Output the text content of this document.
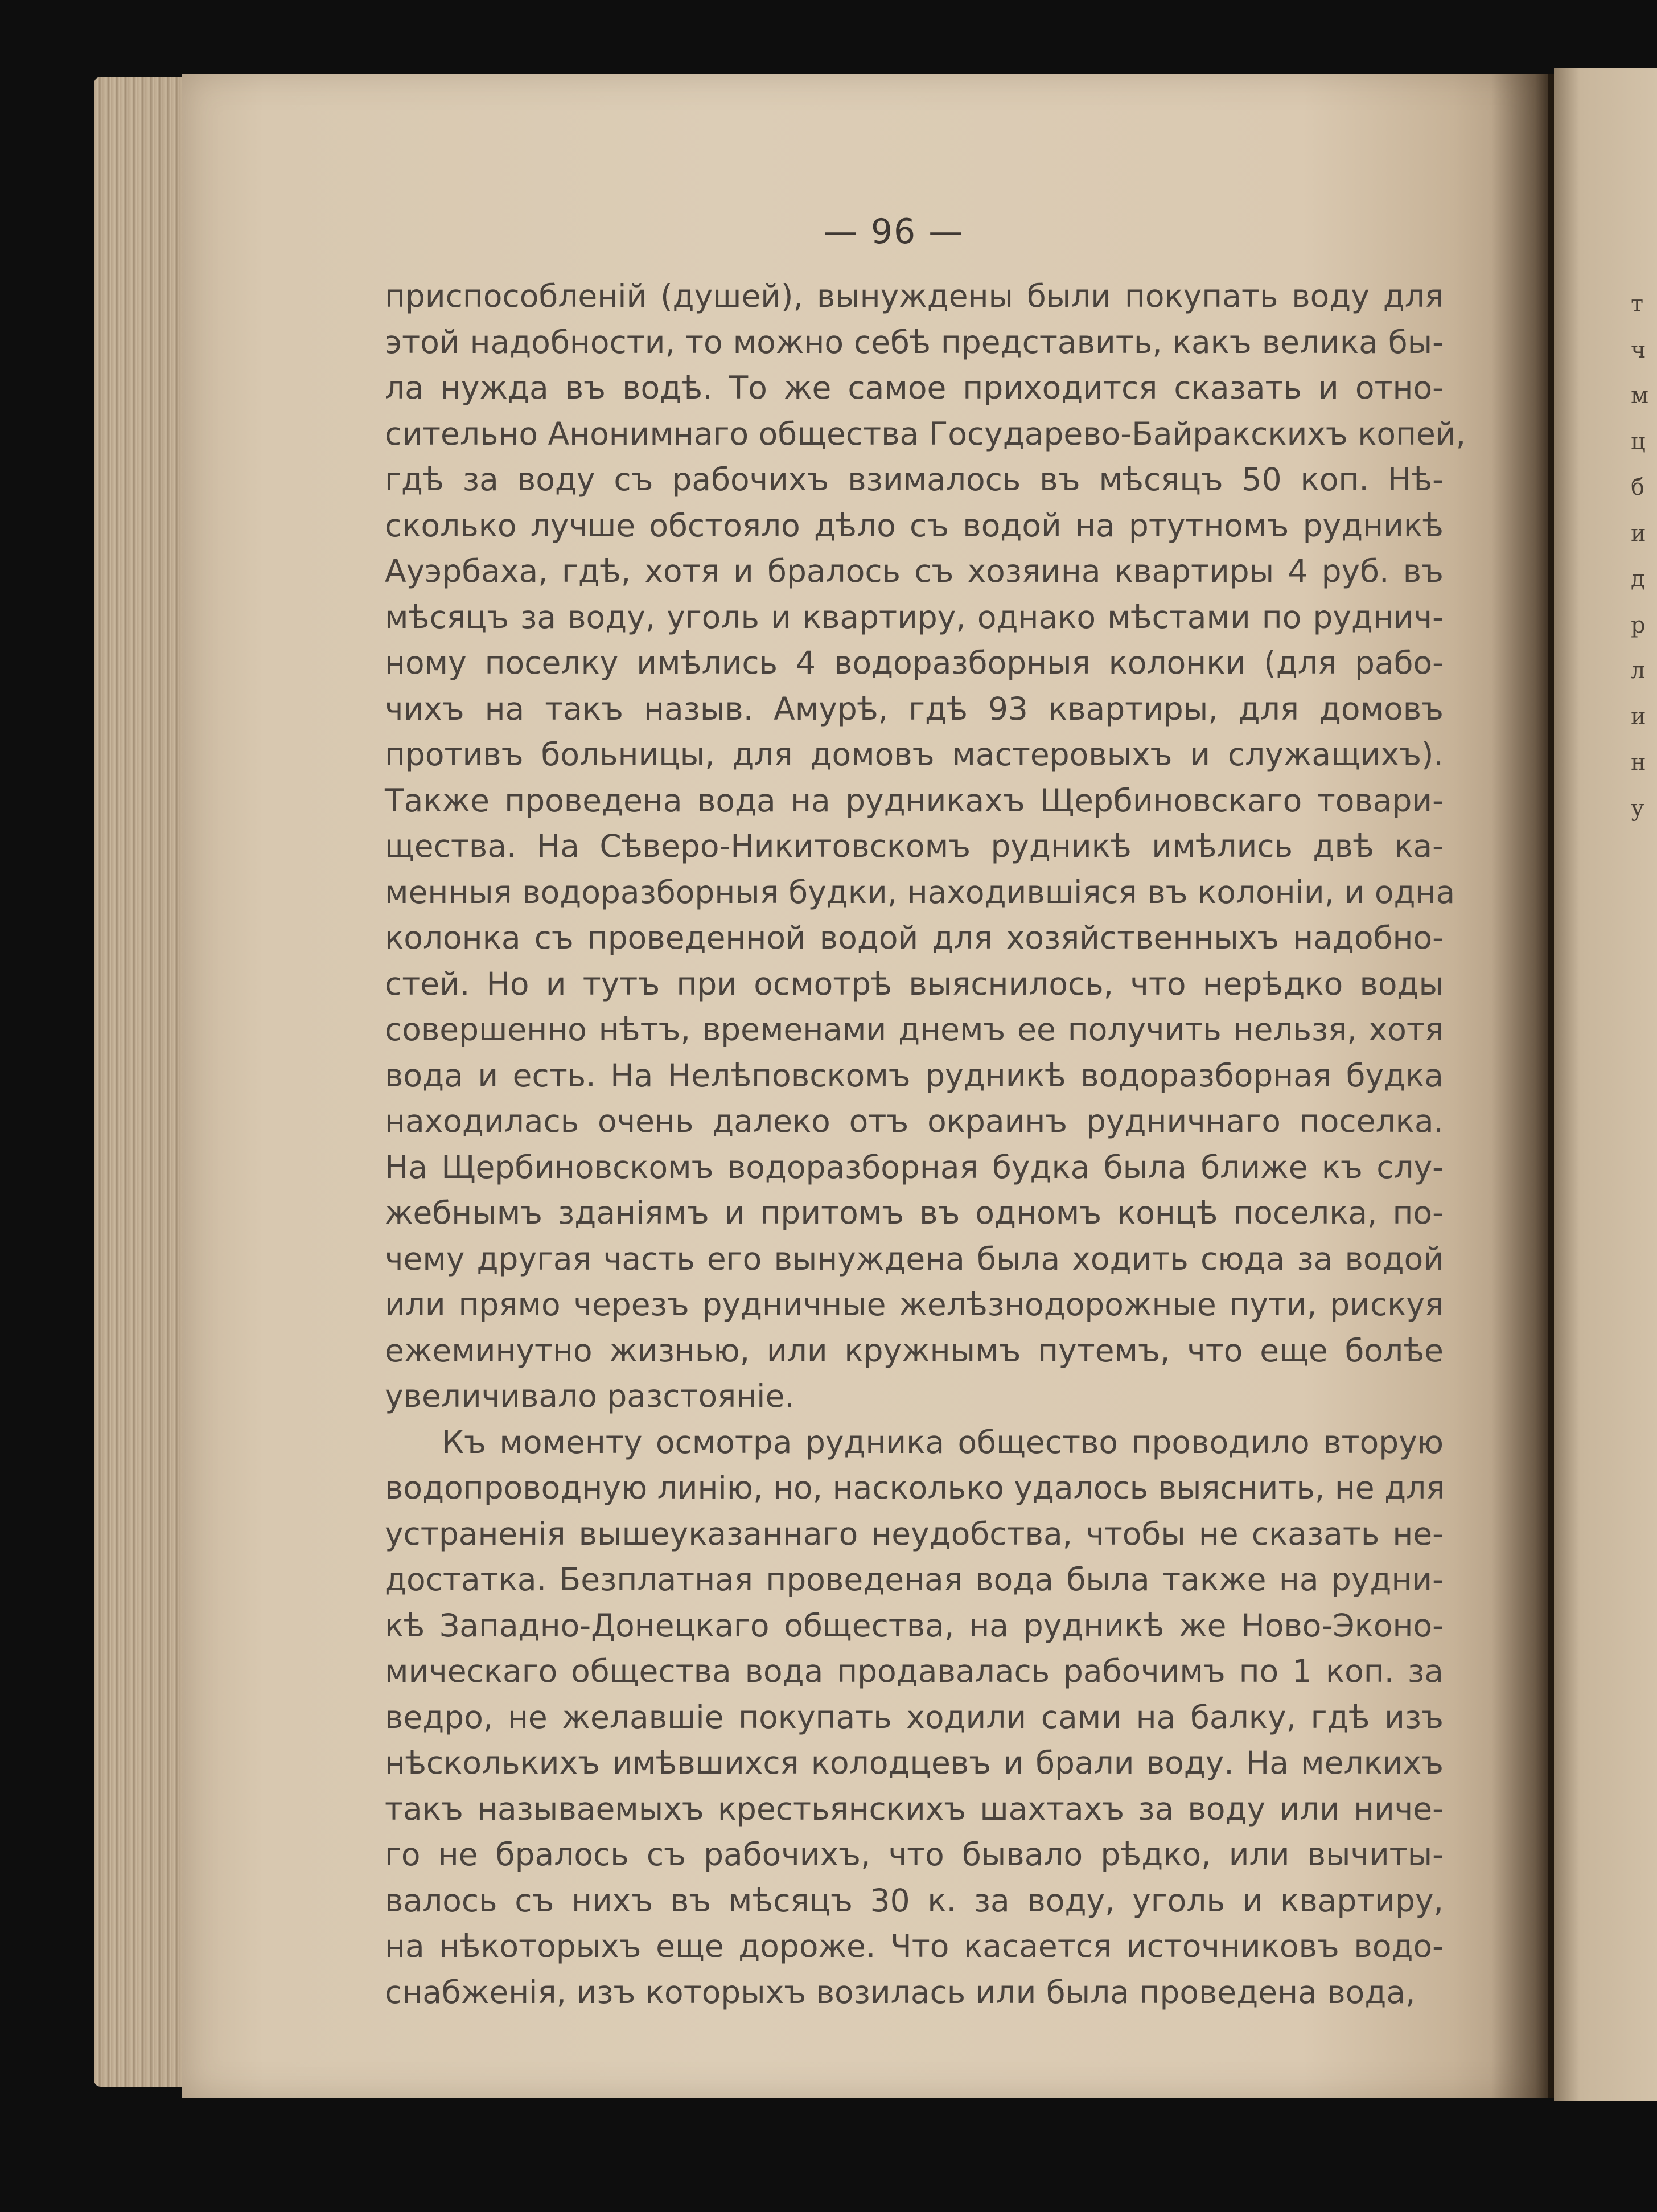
т
ч
м
ц
б
и
д
р
л
и
н
у
— 96 —
приспособленій (душей), вынуждены были покупать воду для
этой надобности, то можно себѣ представить, какъ велика бы-
ла нужда въ водѣ. То же самое приходится сказать и отно-
сительно Анонимнаго общества Государево-Байракскихъ копей,
гдѣ за воду съ рабочихъ взималось въ мѣсяцъ 50 коп. Нѣ-
сколько лучше обстояло дѣло съ водой на ртутномъ рудникѣ
Ауэрбаха, гдѣ, хотя и бралось съ хозяина квартиры 4 руб. въ
мѣсяцъ за воду, уголь и квартиру, однако мѣстами по руднич-
ному поселку имѣлись 4 водоразборныя колонки (для рабо-
чихъ на такъ назыв. Амурѣ, гдѣ 93 квартиры, для домовъ
противъ больницы, для домовъ мастеровыхъ и служащихъ).
Также проведена вода на рудникахъ Щербиновскаго товари-
щества. На Сѣверо-Никитовскомъ рудникѣ имѣлись двѣ ка-
менныя водоразборныя будки, находившіяся въ колоніи, и одна
колонка съ проведенной водой для хозяйственныхъ надобно-
стей. Но и тутъ при осмотрѣ выяснилось, что нерѣдко воды
совершенно нѣтъ, временами днемъ ее получить нельзя, хотя
вода и есть. На Нелѣповскомъ рудникѣ водоразборная будка
находилась очень далеко отъ окраинъ рудничнаго поселка.
На Щербиновскомъ водоразборная будка была ближе къ слу-
жебнымъ зданіямъ и притомъ въ одномъ концѣ поселка, по-
чему другая часть его вынуждена была ходить сюда за водой
или прямо черезъ рудничные желѣзнодорожные пути, рискуя
ежеминутно жизнью, или кружнымъ путемъ, что еще болѣе
увеличивало разстояніе.
Къ моменту осмотра рудника общество проводило вторую
водопроводную линію, но, насколько удалось выяснить, не для
устраненія вышеуказаннаго неудобства, чтобы не сказать не-
достатка. Безплатная проведеная вода была также на рудни-
кѣ Западно-Донецкаго общества, на рудникѣ же Ново-Эконо-
мическаго общества вода продавалась рабочимъ по 1 коп. за
ведро, не желавшіе покупать ходили сами на балку, гдѣ изъ
нѣсколькихъ имѣвшихся колодцевъ и брали воду. На мелкихъ
такъ называемыхъ крестьянскихъ шахтахъ за воду или ниче-
го не бралось съ рабочихъ, что бывало рѣдко, или вычиты-
валось съ нихъ въ мѣсяцъ 30 к. за воду, уголь и квартиру,
на нѣкоторыхъ еще дороже. Что касается источниковъ водо-
снабженія, изъ которыхъ возилась или была проведена вода,
